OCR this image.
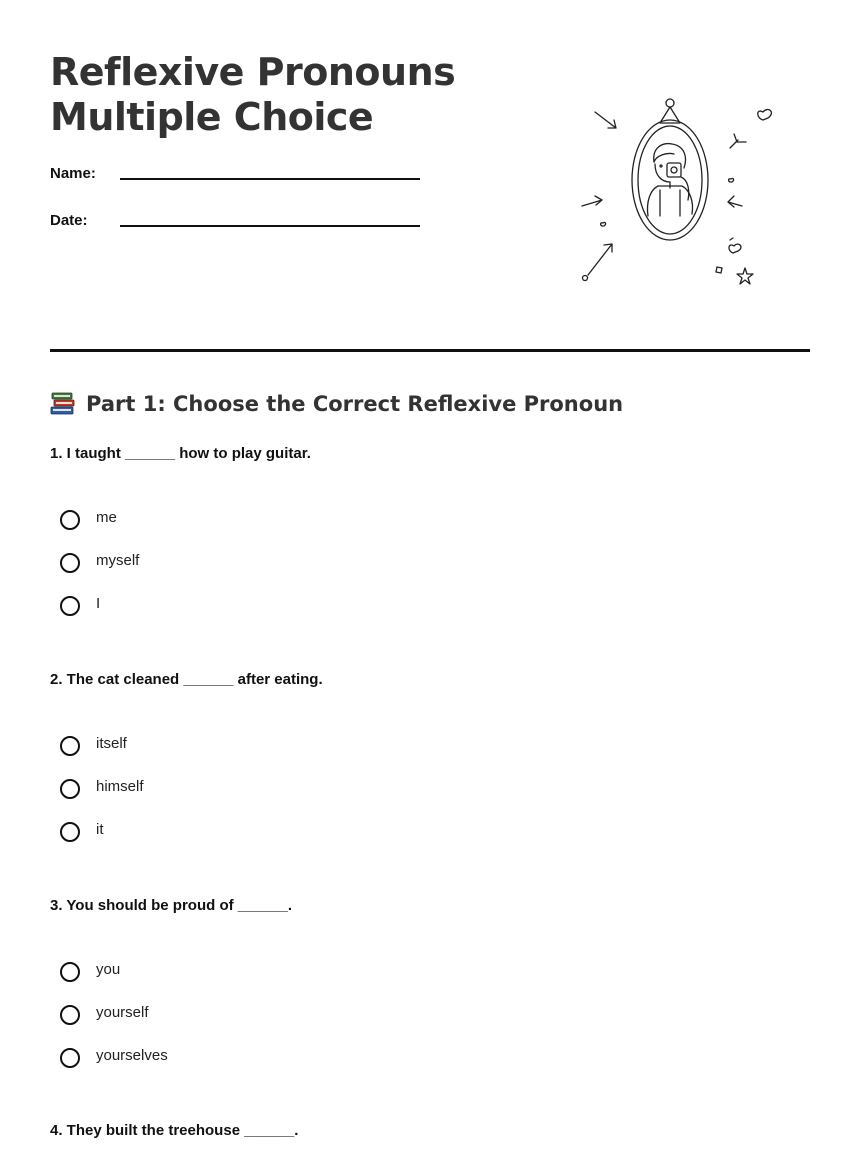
Reflexive Pronouns
Multiple Choice
Name:
Date:
Part 1: Choose the Correct Reflexive Pronoun
1. I taught ______ how to play guitar.
me
myself
I
2. The cat cleaned ______ after eating.
itself
himself
it
3. You should be proud of ______.
you
yourself
yourselves
4. They built the treehouse ______.
